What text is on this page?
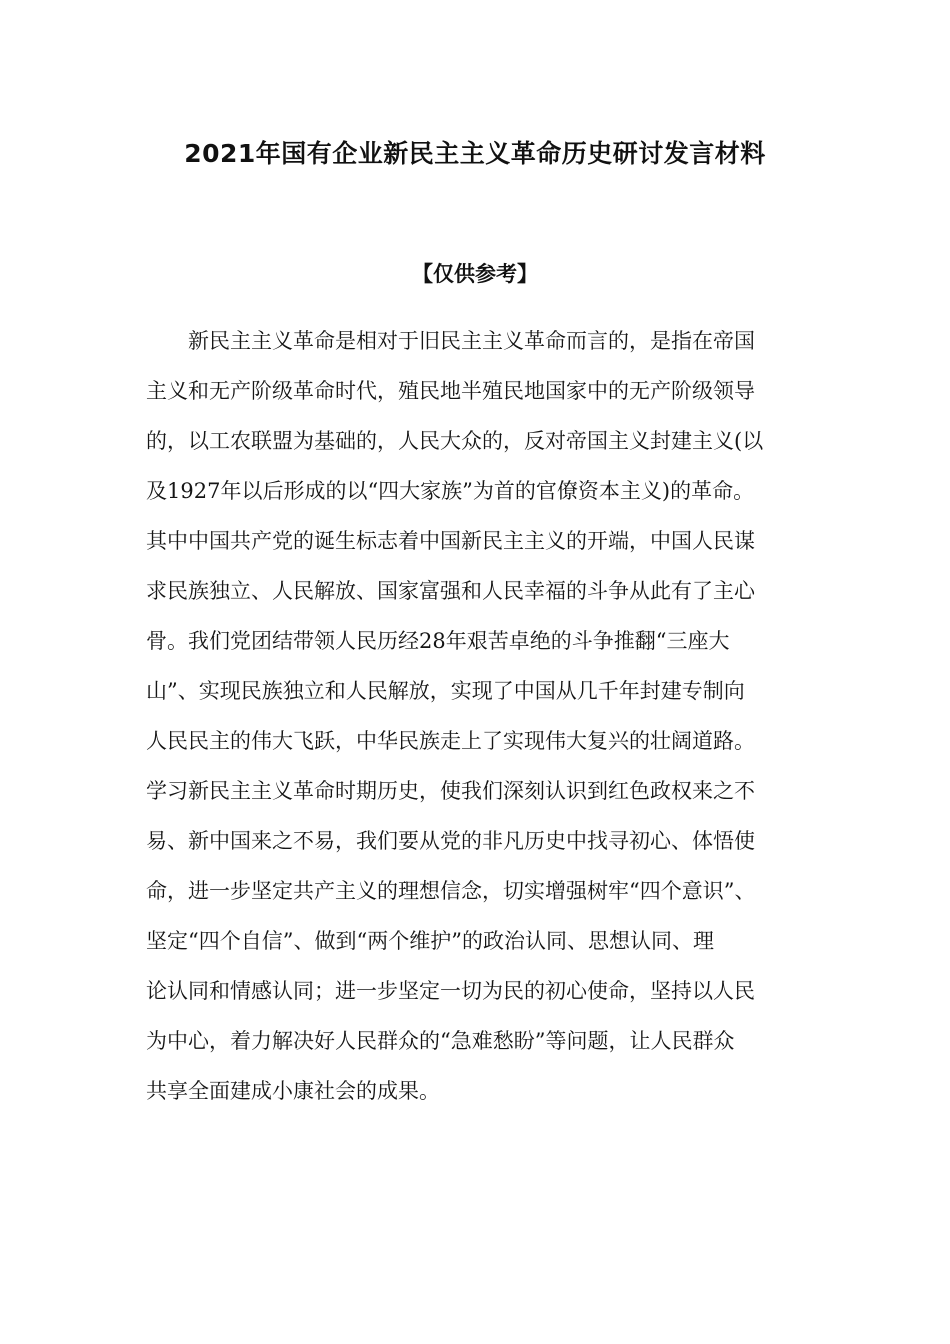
2021年国有企业新民主主义革命历史研讨发言材料

【仅供参考】

新民主主义革命是相对于旧民主主义革命而言的，是指在帝国
主义和无产阶级革命时代，殖民地半殖民地国家中的无产阶级领导
的，以工农联盟为基础的，人民大众的，反对帝国主义封建主义(以
及1927年以后形成的以“四大家族”为首的官僚资本主义)的革命。
其中中国共产党的诞生标志着中国新民主主义的开端，中国人民谋
求民族独立、人民解放、国家富强和人民幸福的斗争从此有了主心
骨。我们党团结带领人民历经28年艰苦卓绝的斗争推翻“三座大
山”、实现民族独立和人民解放，实现了中国从几千年封建专制向
人民民主的伟大飞跃，中华民族走上了实现伟大复兴的壮阔道路。
学习新民主主义革命时期历史，使我们深刻认识到红色政权来之不
易、新中国来之不易，我们要从党的非凡历史中找寻初心、体悟使
命，进一步坚定共产主义的理想信念，切实增强树牢“四个意识”、
坚定“四个自信”、做到“两个维护”的政治认同、思想认同、理
论认同和情感认同；进一步坚定一切为民的初心使命，坚持以人民
为中心，着力解决好人民群众的“急难愁盼”等问题，让人民群众
共享全面建成小康社会的成果。
